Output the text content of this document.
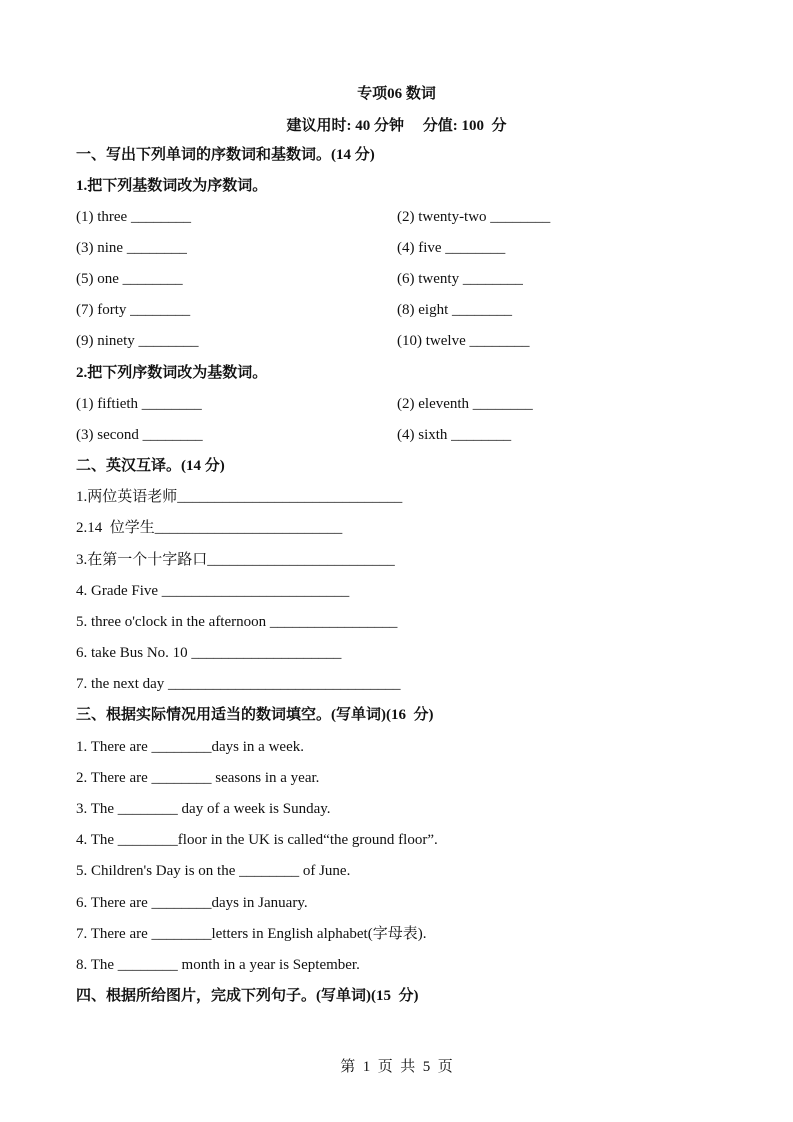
专项06 数词
建议用时: 40 分钟     分值: 100  分
一、写出下列单词的序数词和基数词。(14 分)
1.把下列基数词改为序数词。
(1) three ________	(2) twenty-two ________
(3) nine ________	(4) five ________
(5) one ________	(6) twenty ________
(7) forty ________	(8) eight ________
(9) ninety ________	(10) twelve ________
2.把下列序数词改为基数词。
(1) fiftieth ________	(2) eleventh ________
(3) second ________	(4) sixth ________
二、英汉互译。(14 分)
1.两位英语老师______________________________
2.14  位学生_________________________
3.在第一个十字路口_________________________
4. Grade Five _________________________
5. three o'clock in the afternoon _________________
6. take Bus No. 10 ____________________
7. the next day _______________________________
三、根据实际情况用适当的数词填空。(写单词)(16  分)
1. There are ________days in a week.
2. There are ________ seasons in a year.
3. The ________ day of a week is Sunday.
4. The ________floor in the UK is called“the ground floor”.
5. Children's Day is on the ________ of June.
6. There are ________days in January.
7. There are ________letters in English alphabet(字母表).
8. The ________ month in a year is September.
四、根据所给图片，完成下列句子。(写单词)(15  分)
第  1  页  共  5  页
